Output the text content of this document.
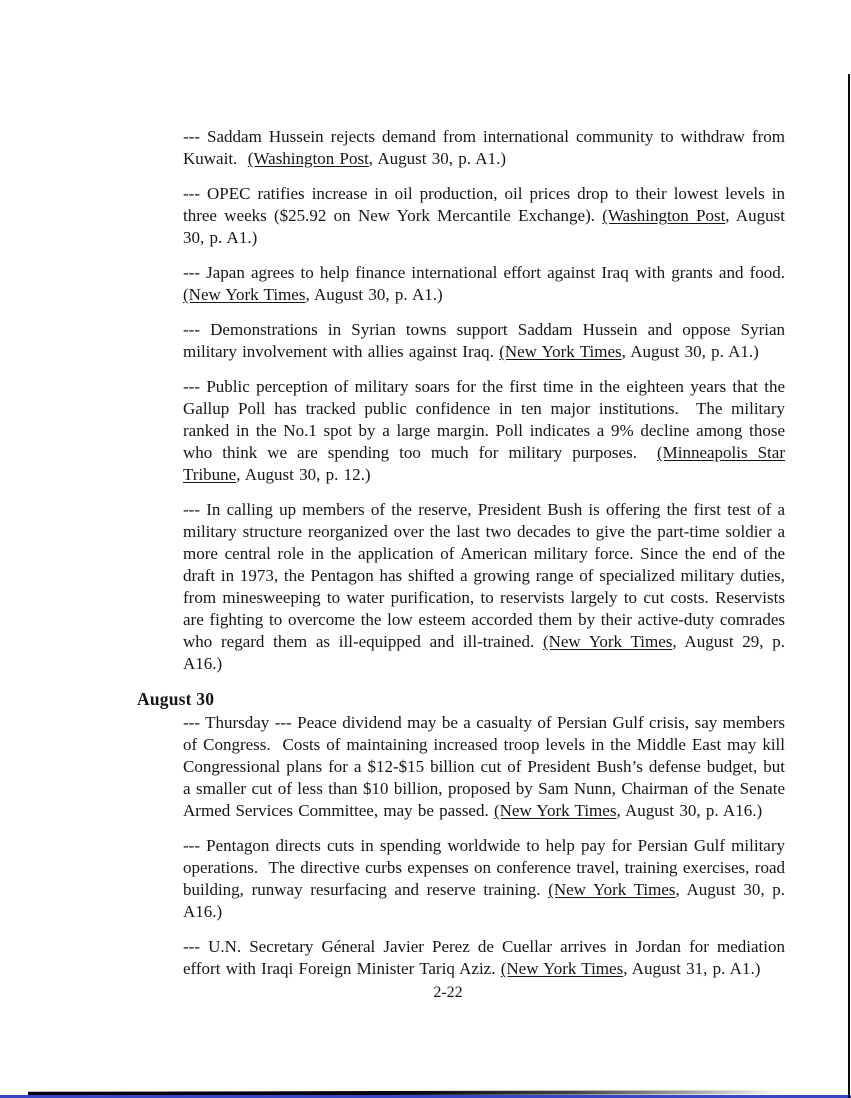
--- Saddam Hussein rejects demand from international community to withdraw from Kuwait.  (Washington Post, August 30, p. A1.)

--- OPEC ratifies increase in oil production, oil prices drop to their lowest levels in three weeks ($25.92 on New York Mercantile Exchange). (Washington Post, August 30, p. A1.)

--- Japan agrees to help finance international effort against Iraq with grants and food. (New York Times, August 30, p. A1.)

--- Demonstrations in Syrian towns support Saddam Hussein and oppose Syrian military involvement with allies against Iraq. (New York Times, August 30, p. A1.)

--- Public perception of military soars for the first time in the eighteen years that the Gallup Poll has tracked public confidence in ten major institutions.  The military ranked in the No.1 spot by a large margin. Poll indicates a 9% decline among those who think we are spending too much for military purposes.  (Minneapolis Star Tribune, August 30, p. 12.)

--- In calling up members of the reserve, President Bush is offering the first test of a military structure reorganized over the last two decades to give the part-time soldier a more central role in the application of American military force. Since the end of the draft in 1973, the Pentagon has shifted a growing range of specialized military duties, from minesweeping to water purification, to reservists largely to cut costs. Reservists are fighting to overcome the low esteem accorded them by their active-duty comrades who regard them as ill-equipped and ill-trained. (New York Times, August 29, p. A16.)

August 30

--- Thursday --- Peace dividend may be a casualty of Persian Gulf crisis, say members of Congress.  Costs of maintaining increased troop levels in the Middle East may kill Congressional plans for a $12-$15 billion cut of President Bush’s defense budget, but a smaller cut of less than $10 billion, proposed by Sam Nunn, Chairman of the Senate Armed Services Committee, may be passed. (New York Times, August 30, p. A16.)

--- Pentagon directs cuts in spending worldwide to help pay for Persian Gulf military operations.  The directive curbs expenses on conference travel, training exercises, road building, runway resurfacing and reserve training. (New York Times, August 30, p. A16.)

--- U.N. Secretary Géneral Javier Perez de Cuellar arrives in Jordan for mediation effort with Iraqi Foreign Minister Tariq Aziz. (New York Times, August 31, p. A1.)

2-22
